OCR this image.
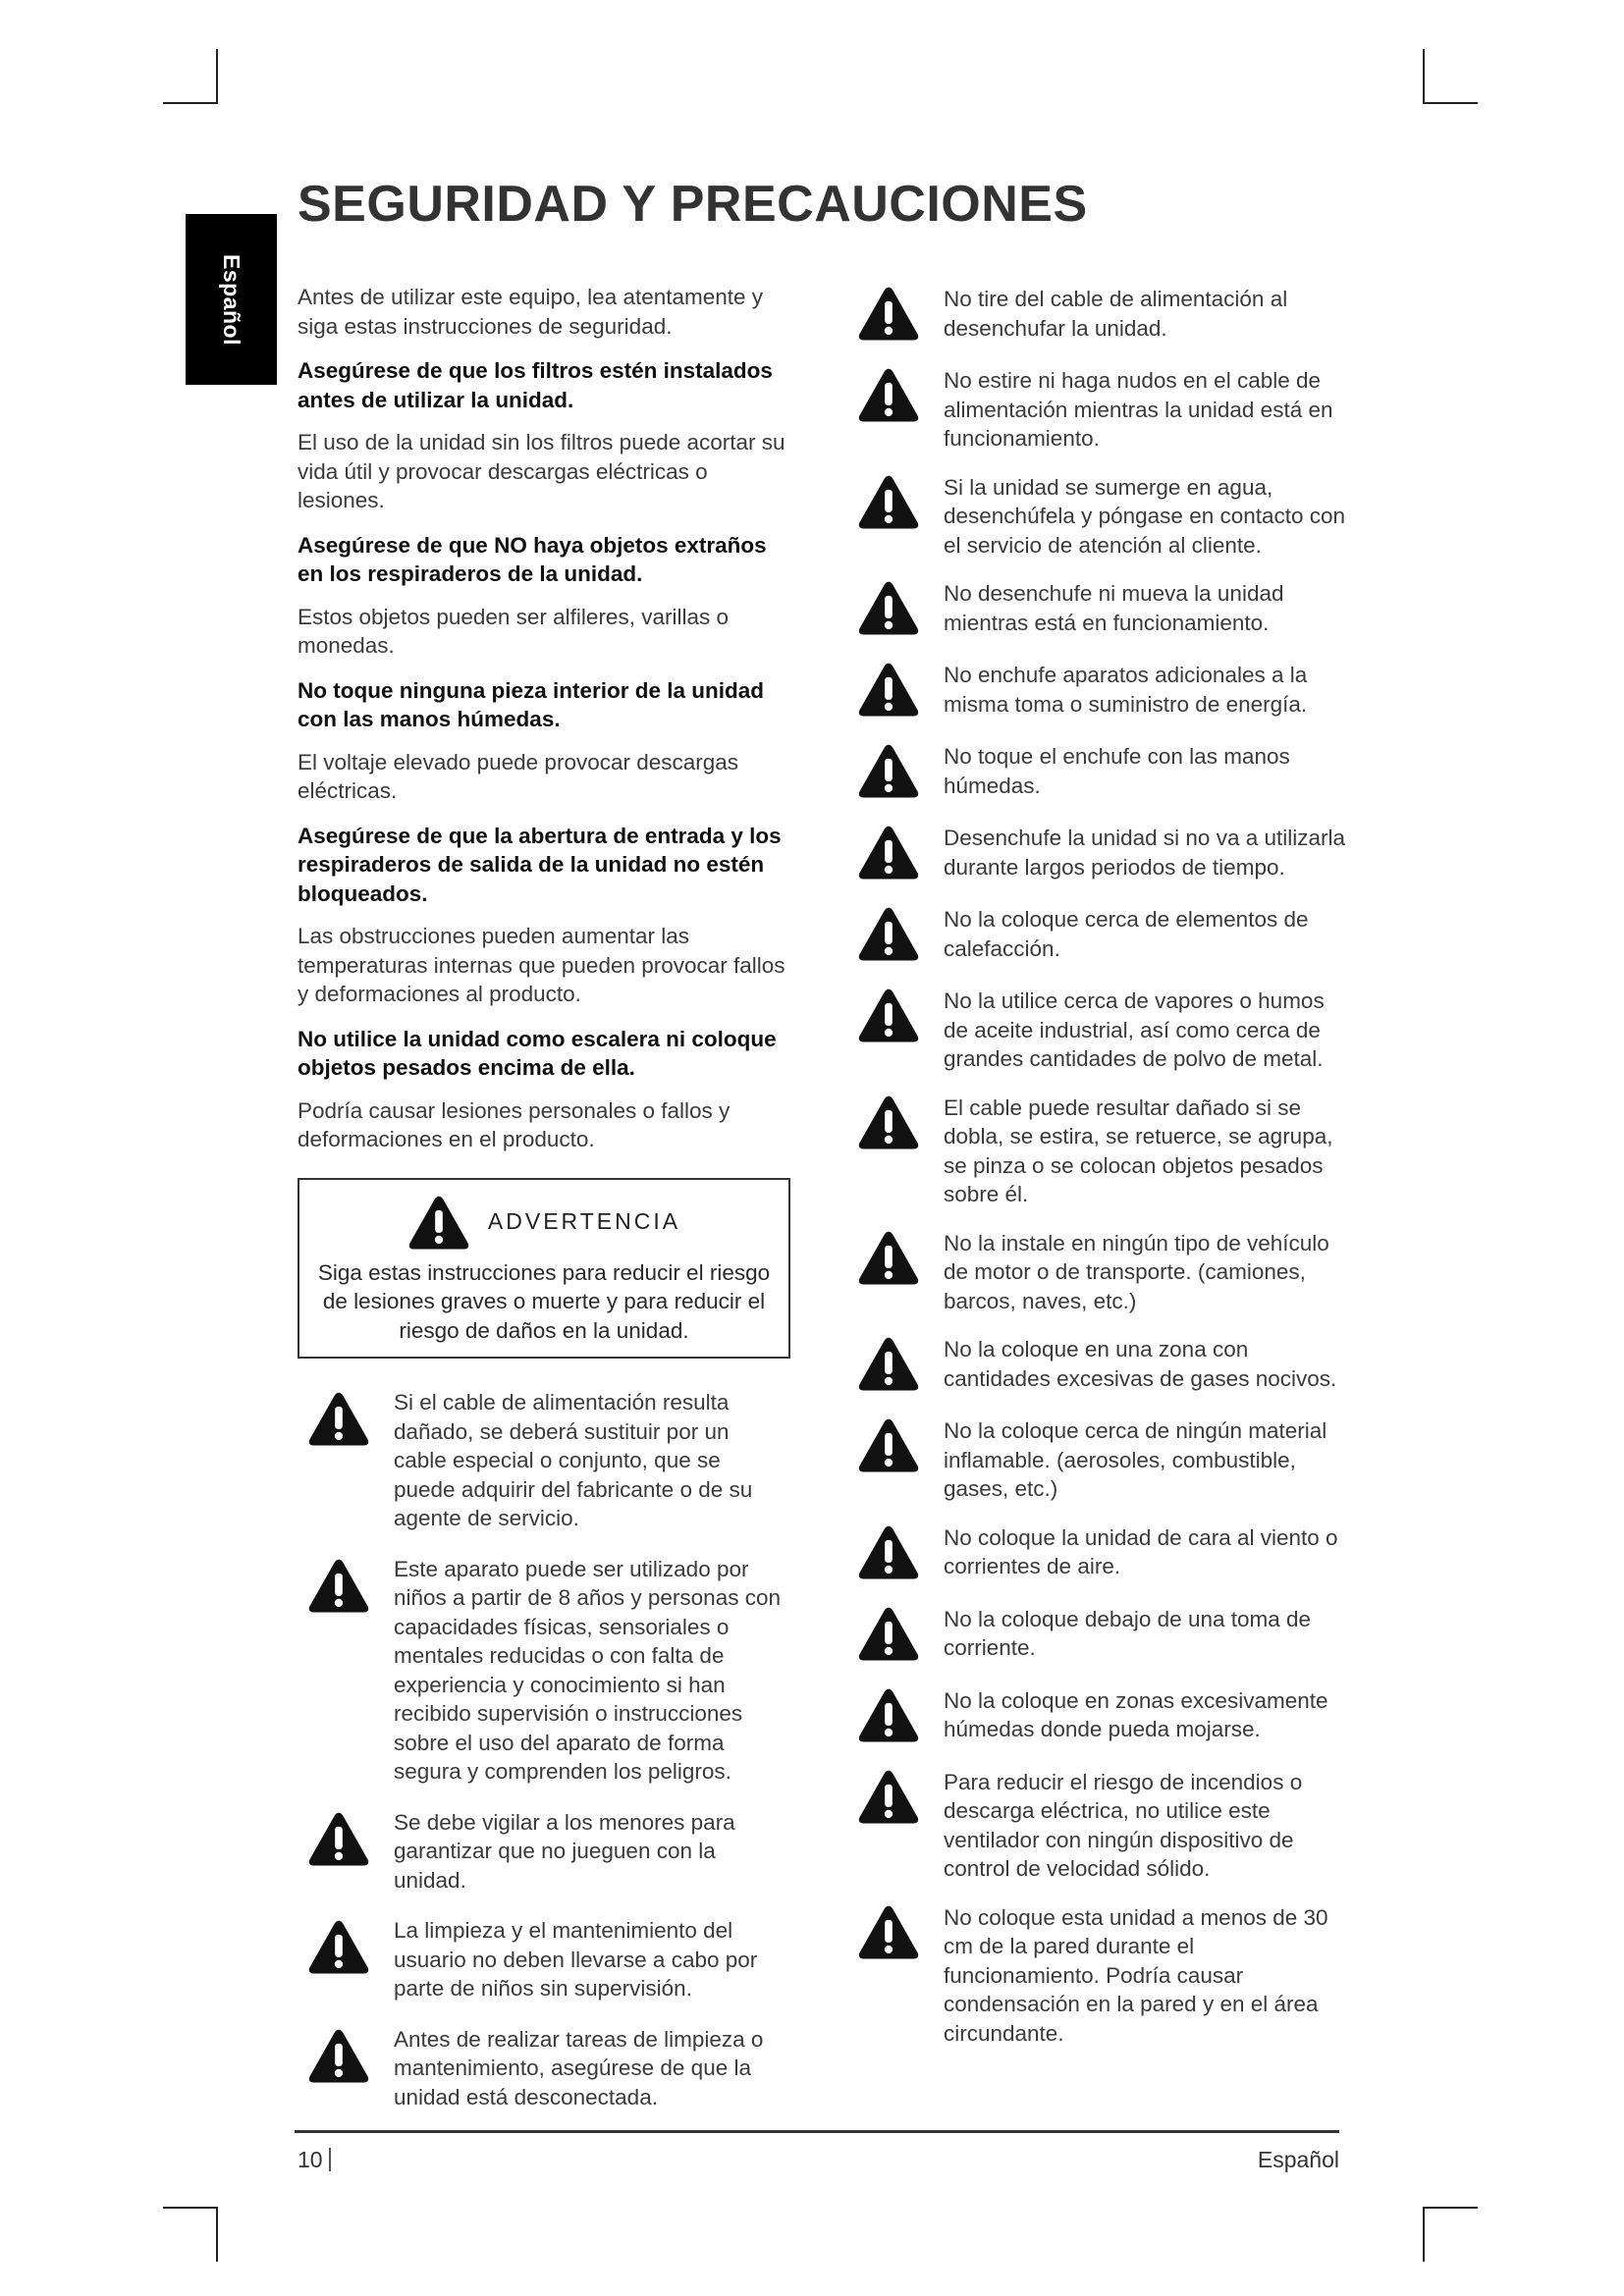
Español
SEGURIDAD Y PRECAUCIONES

Antes de utilizar este equipo, lea atentamente y siga estas instrucciones de seguridad.

Asegúrese de que los filtros estén instalados antes de utilizar la unidad.

El uso de la unidad sin los filtros puede acortar su vida útil y provocar descargas eléctricas o lesiones.

Asegúrese de que NO haya objetos extraños en los respiraderos de la unidad.

Estos objetos pueden ser alfileres, varillas o monedas.

No toque ninguna pieza interior de la unidad con las manos húmedas.

El voltaje elevado puede provocar descargas eléctricas.

Asegúrese de que la abertura de entrada y los respiraderos de salida de la unidad no estén bloqueados.

Las obstrucciones pueden aumentar las temperaturas internas que pueden provocar fallos y deformaciones al producto.

No utilice la unidad como escalera ni coloque objetos pesados encima de ella.

Podría causar lesiones personales o fallos y deformaciones en el producto.

ADVERTENCIA
Siga estas instrucciones para reducir el riesgo de lesiones graves o muerte y para reducir el riesgo de daños en la unidad.
Si el cable de alimentación resulta dañado, se deberá sustituir por un cable especial o conjunto, que se puede adquirir del fabricante o de su agente de servicio.
Este aparato puede ser utilizado por niños a partir de 8 años y personas con capacidades físicas, sensoriales o mentales reducidas o con falta de experiencia y conocimiento si han recibido supervisión o instrucciones sobre el uso del aparato de forma segura y comprenden los peligros.
Se debe vigilar a los menores para garantizar que no jueguen con la unidad.
La limpieza y el mantenimiento del usuario no deben llevarse a cabo por parte de niños sin supervisión.
Antes de realizar tareas de limpieza o mantenimiento, asegúrese de que la unidad está desconectada.
No tire del cable de alimentación al desenchufar la unidad.
No estire ni haga nudos en el cable de alimentación mientras la unidad está en funcionamiento.
Si la unidad se sumerge en agua, desenchúfela y póngase en contacto con el servicio de atención al cliente.
No desenchufe ni mueva la unidad mientras está en funcionamiento.
No enchufe aparatos adicionales a la misma toma o suministro de energía.
No toque el enchufe con las manos húmedas.
Desenchufe la unidad si no va a utilizarla durante largos periodos de tiempo.
No la coloque cerca de elementos de calefacción.
No la utilice cerca de vapores o humos de aceite industrial, así como cerca de grandes cantidades de polvo de metal.
El cable puede resultar dañado si se dobla, se estira, se retuerce, se agrupa, se pinza o se colocan objetos pesados sobre él.
No la instale en ningún tipo de vehículo de motor o de transporte. (camiones, barcos, naves, etc.)
No la coloque en una zona con cantidades excesivas de gases nocivos.
No la coloque cerca de ningún material inflamable. (aerosoles, combustible, gases, etc.)
No coloque la unidad de cara al viento o corrientes de aire.
No la coloque debajo de una toma de corriente.
No la coloque en zonas excesivamente húmedas donde pueda mojarse.
Para reducir el riesgo de incendios o descarga eléctrica, no utilice este ventilador con ningún dispositivo de control de velocidad sólido.
No coloque esta unidad a menos de 30 cm de la pared durante el funcionamiento. Podría causar condensación en la pared y en el área circundante.
10	Español
